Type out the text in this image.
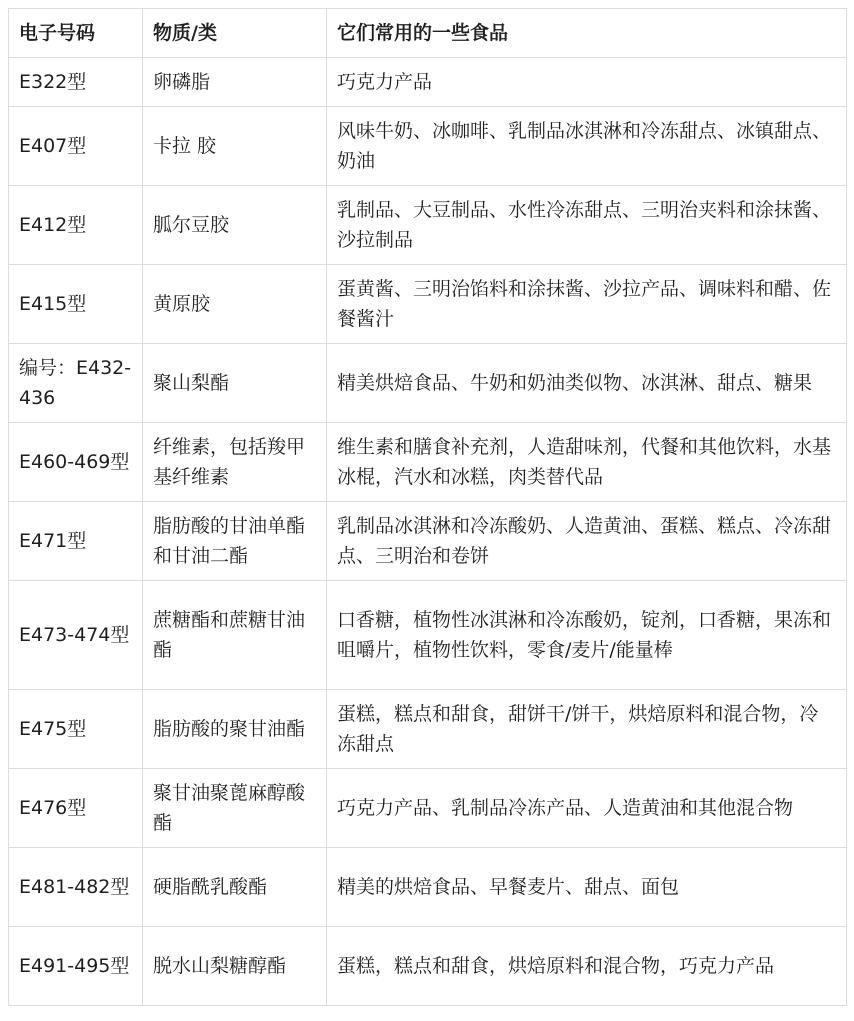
电子号码	物质/类	它们常用的一些食品
E322型	卵磷脂	巧克力产品
E407型	卡拉 胶	风味牛奶、冰咖啡、乳制品冰淇淋和冷冻甜点、冰镇甜点、奶油
E412型	胍尔豆胶	乳制品、大豆制品、水性冷冻甜点、三明治夹料和涂抹酱、沙拉制品
E415型	黄原胶	蛋黄酱、三明治馅料和涂抹酱、沙拉产品、调味料和醋、佐餐酱汁
编号：E432-436	聚山梨酯	精美烘焙食品、牛奶和奶油类似物、冰淇淋、甜点、糖果
E460-469型	纤维素，包括羧甲基纤维素	维生素和膳食补充剂，人造甜味剂，代餐和其他饮料，水基冰棍，汽水和冰糕，肉类替代品
E471型	脂肪酸的甘油单酯和甘油二酯	乳制品冰淇淋和冷冻酸奶、人造黄油、蛋糕、糕点、冷冻甜点、三明治和卷饼
E473-474型	蔗糖酯和蔗糖甘油酯	口香糖，植物性冰淇淋和冷冻酸奶，锭剂，口香糖，果冻和咀嚼片，植物性饮料，零食/麦片/能量棒
E475型	脂肪酸的聚甘油酯	蛋糕，糕点和甜食，甜饼干/饼干，烘焙原料和混合物，冷冻甜点
E476型	聚甘油聚蓖麻醇酸酯	巧克力产品、乳制品冷冻产品、人造黄油和其他混合物
E481-482型	硬脂酰乳酸酯	精美的烘焙食品、早餐麦片、甜点、面包
E491-495型	脱水山梨糖醇酯	蛋糕，糕点和甜食，烘焙原料和混合物，巧克力产品
